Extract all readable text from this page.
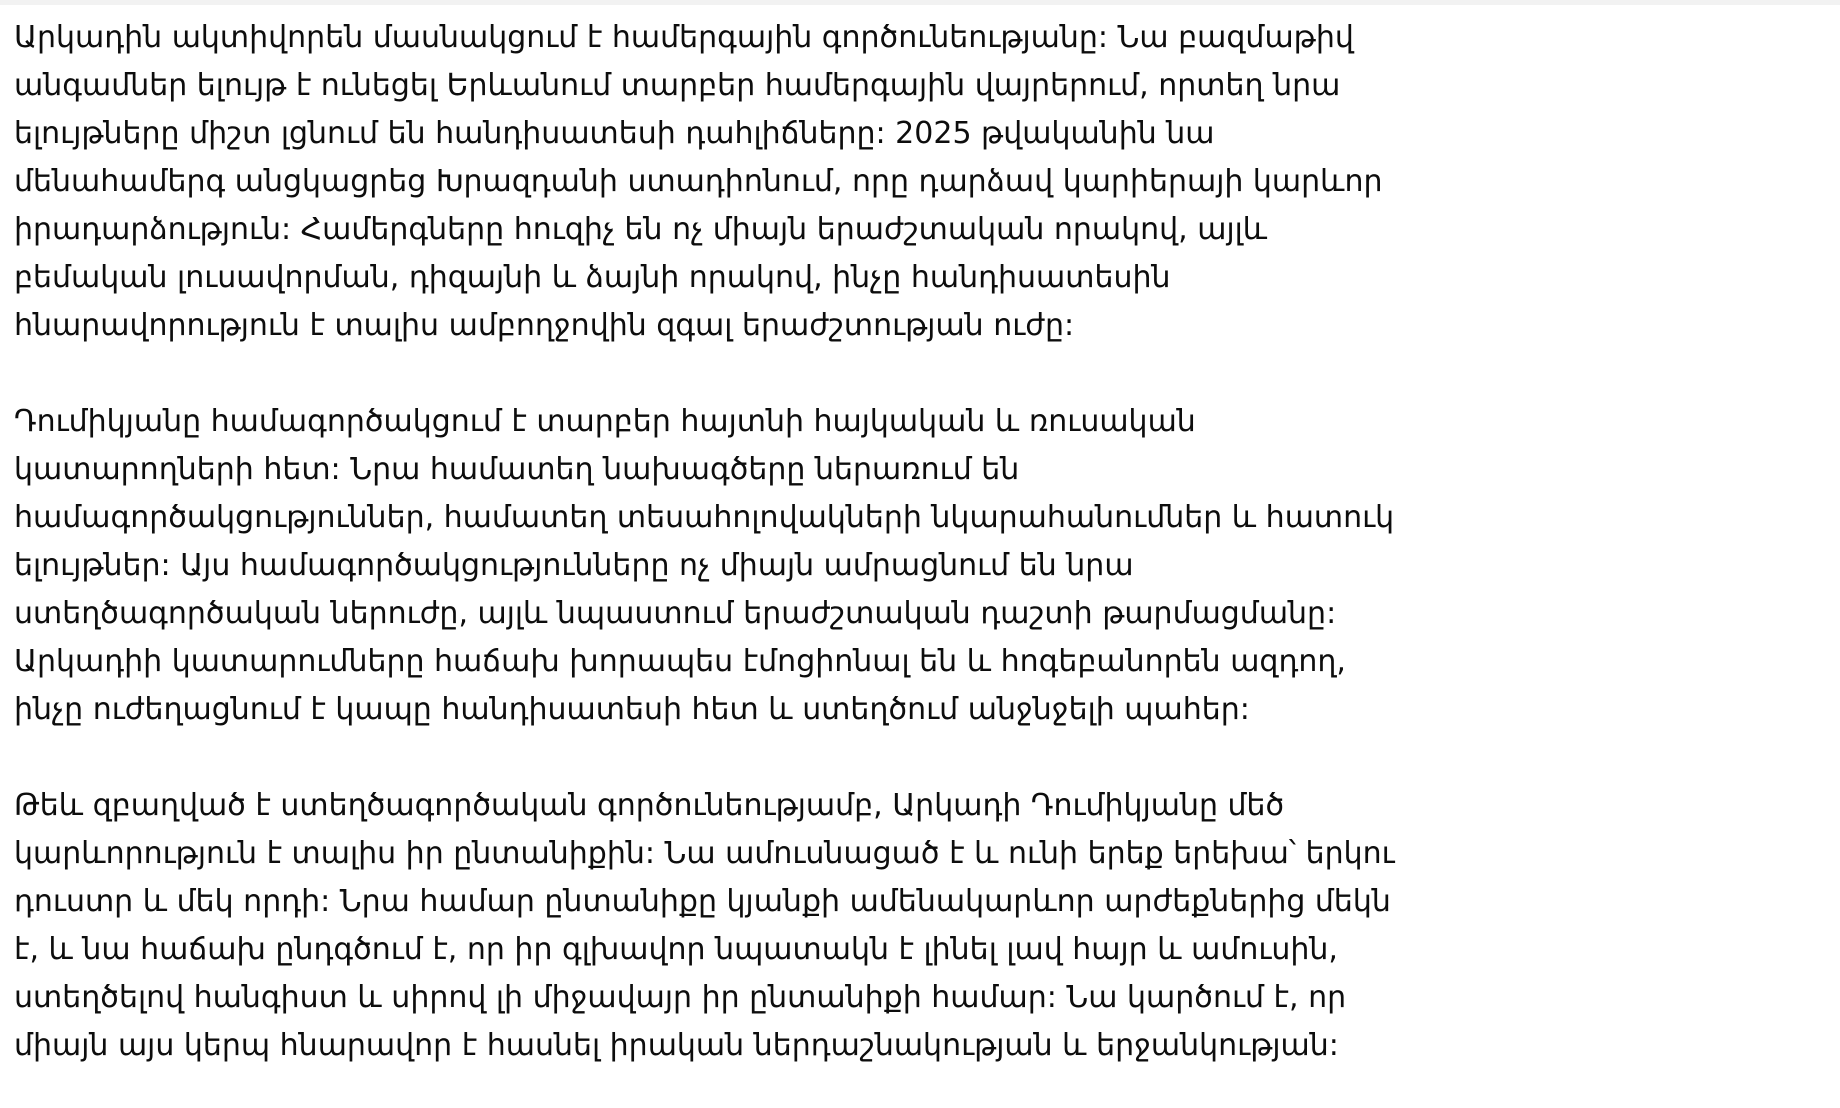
Արկադին ակտիվորեն մասնակցում է համերգային գործունեությանը: Նա բազմաթիվ անգամներ ելույթ է ունեցել Երևանում տարբեր համերգային վայրերում, որտեղ նրա ելույթները միշտ լցնում են հանդիսատեսի դահլիճները: 2025 թվականին նա մենահամերգ անցկացրեց Խրազդանի ստադիոնում, որը դարձավ կարիերայի կարևոր իրադարձություն: Համերգները հուզիչ են ոչ միայն երաժշտական որակով, այլև բեմական լուսավորման, դիզայնի և ձայնի որակով, ինչը հանդիսատեսին հնարավորություն է տալիս ամբողջովին զգալ երաժշտության ուժը:

Դումիկյանը համագործակցում է տարբեր հայտնի հայկական և ռուսական կատարողների հետ: Նրա համատեղ նախագծերը ներառում են համագործակցություններ, համատեղ տեսահոլովակների նկարահանումներ և հատուկ ելույթներ: Այս համագործակցությունները ոչ միայն ամրացնում են նրա ստեղծագործական ներուժը, այլև նպաստում երաժշտական դաշտի թարմացմանը: Արկադիի կատարումները հաճախ խորապես էմոցիոնալ են և հոգեբանորեն ազդող, ինչը ուժեղացնում է կապը հանդիսատեսի հետ և ստեղծում անջնջելի պահեր:

Թեև զբաղված է ստեղծագործական գործունեությամբ, Արկադի Դումիկյանը մեծ կարևորություն է տալիս իր ընտանիքին: Նա ամուսնացած է և ունի երեք երեխա՝ երկու դուստր և մեկ որդի: Նրա համար ընտանիքը կյանքի ամենակարևոր արժեքներից մեկն է, և նա հաճախ ընդգծում է, որ իր գլխավոր նպատակն է լինել լավ հայր և ամուսին, ստեղծելով հանգիստ և սիրով լի միջավայր իր ընտանիքի համար: Նա կարծում է, որ միայն այս կերպ հնարավոր է հասնել իրական ներդաշնակության և երջանկության:
